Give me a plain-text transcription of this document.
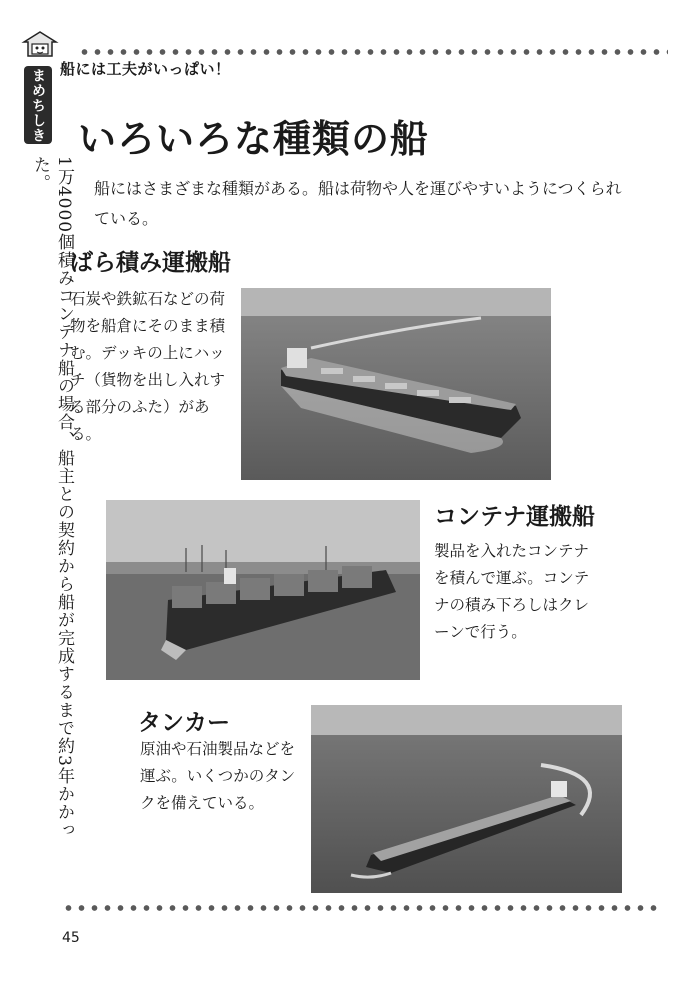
船には工夫がいっぱい！
まめちしき
1万4000個積みコンテナ船の場合、船主との契約から船が完成するまで約3年かかった。
いろいろな種類の船

船にはさまざまな種類がある。船は荷物や人を運びやすいようにつくられている。

ばら積み運搬船

石炭や鉄鉱石などの荷物を船倉にそのまま積む。デッキの上にハッチ（貨物を出し入れする部分のふた）がある。

コンテナ運搬船

製品を入れたコンテナを積んで運ぶ。コンテナの積み下ろしはクレーンで行う。

タンカー

原油や石油製品などを運ぶ。いくつかのタンクを備えている。

45
